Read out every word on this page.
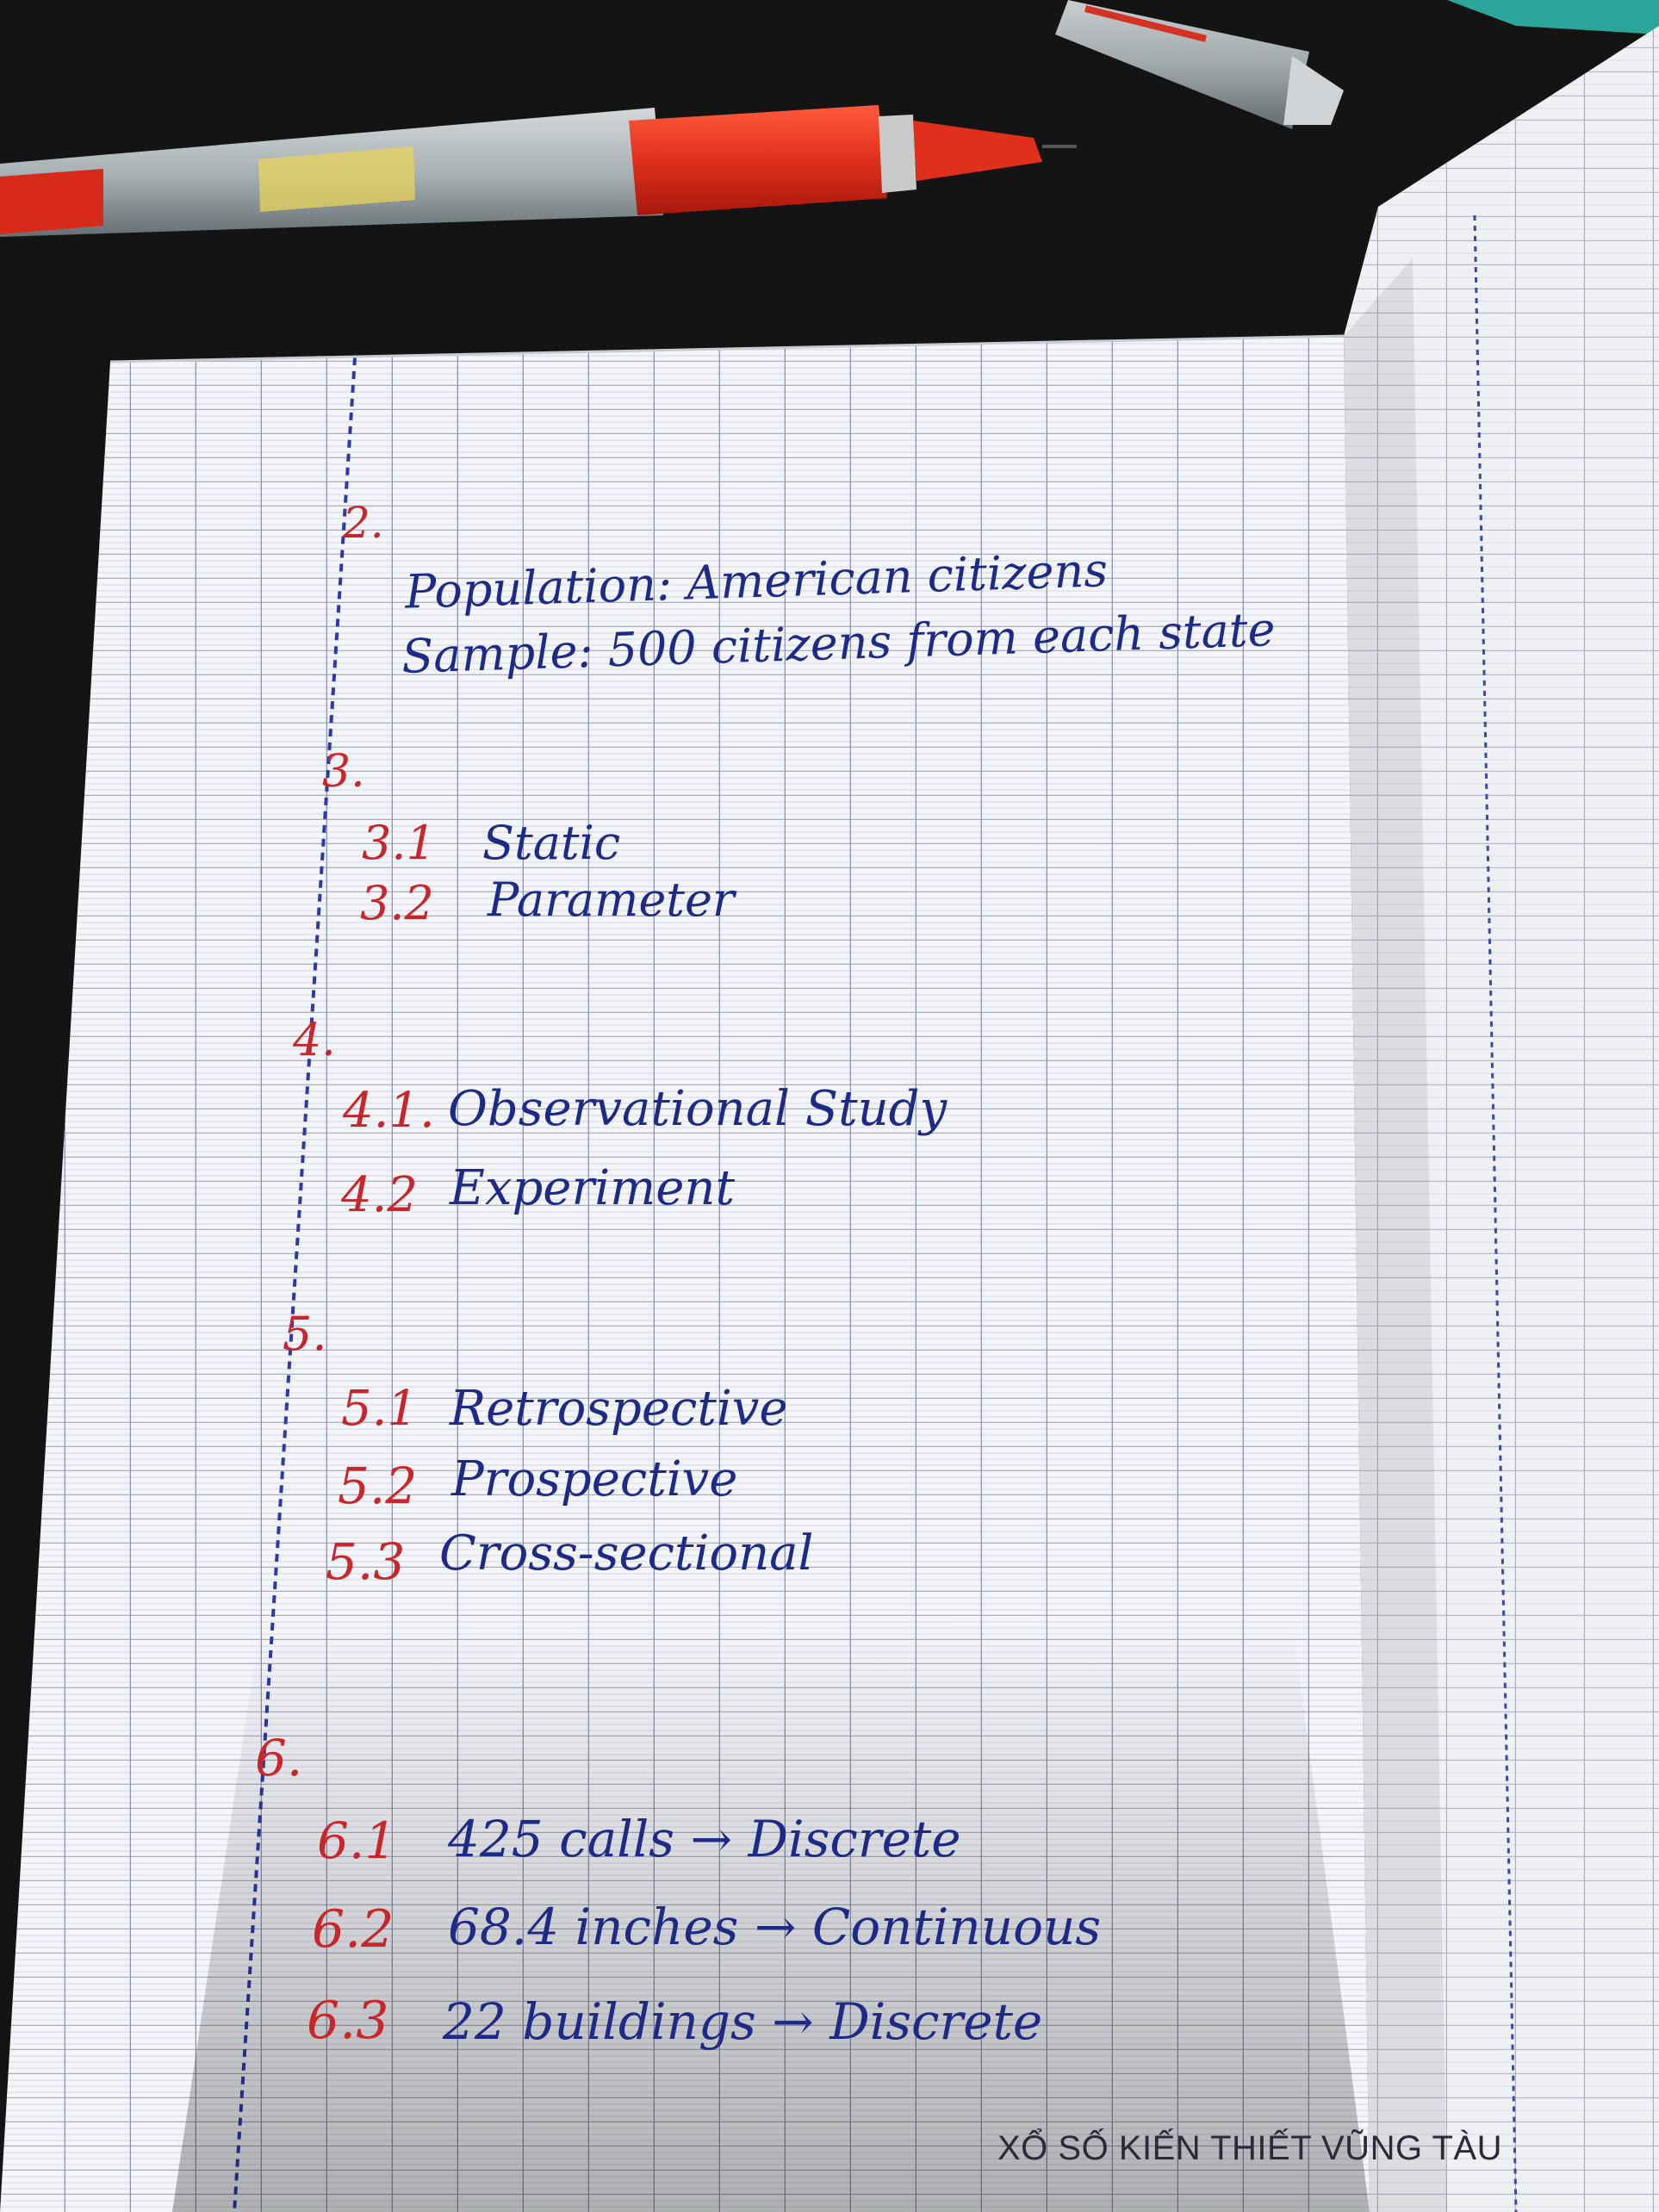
2.
Population: American citizens
Sample: 500 citizens from each state
3.
3.1 Static
3.2 Parameter
4.
4.1. Observational Study
4.2 Experiment
5.
5.1 Retrospective
5.2 Prospective
5.3 Cross-sectional
6.
6.1 425 calls → Discrete
6.2 68.4 inches → Continuous
6.3 22 buildings → Discrete
XỔ SỐ KIẾN THIẾT VŨNG TÀU
